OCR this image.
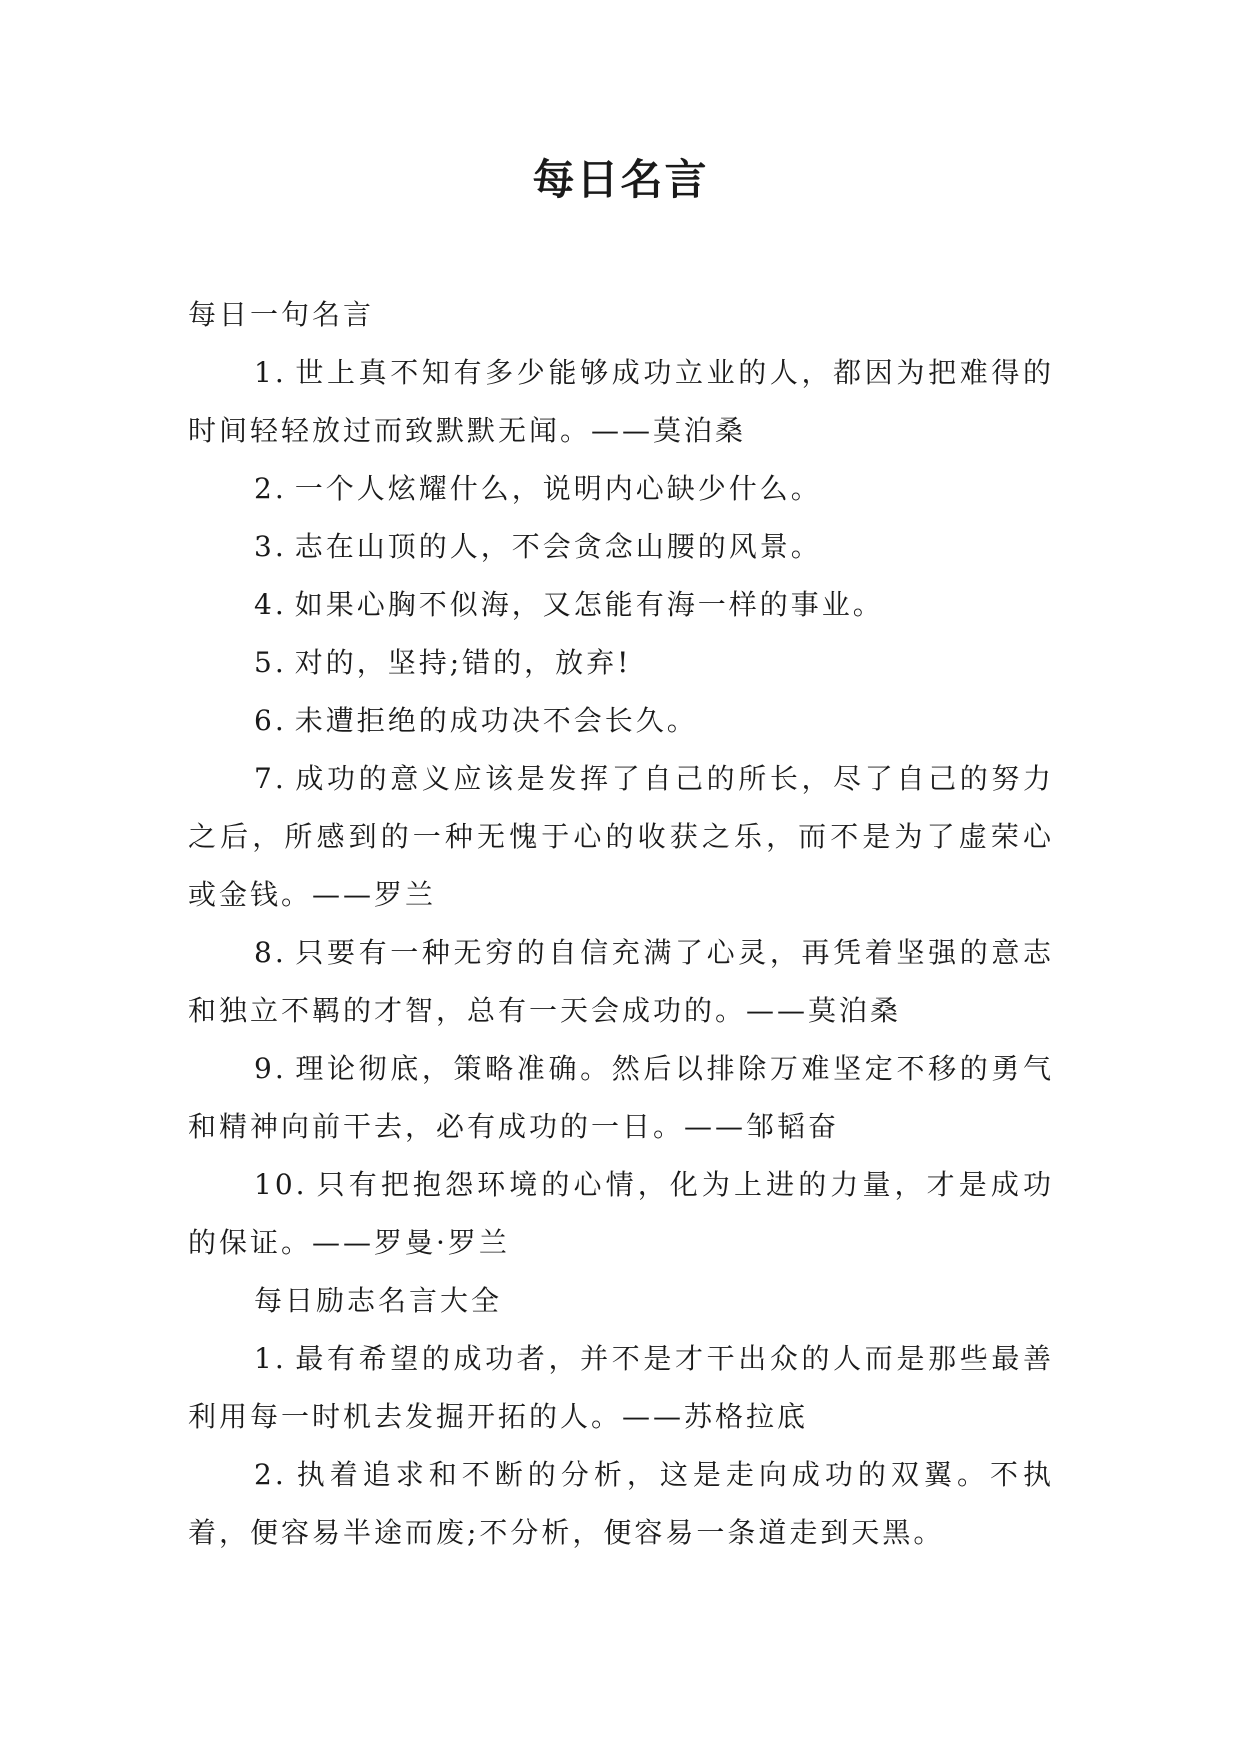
每日名言

每日一句名言

1. 世上真不知有多少能够成功立业的人，都因为把难得的时间轻轻放过而致默默无闻。——莫泊桑

2. 一个人炫耀什么，说明内心缺少什么。

3. 志在山顶的人，不会贪念山腰的风景。

4. 如果心胸不似海，又怎能有海一样的事业。

5. 对的，坚持;错的，放弃!

6. 未遭拒绝的成功决不会长久。

7. 成功的意义应该是发挥了自己的所长，尽了自己的努力之后，所感到的一种无愧于心的收获之乐，而不是为了虚荣心或金钱。——罗兰

8. 只要有一种无穷的自信充满了心灵，再凭着坚强的意志和独立不羁的才智，总有一天会成功的。——莫泊桑

9. 理论彻底，策略准确。然后以排除万难坚定不移的勇气和精神向前干去，必有成功的一日。——邹韬奋

10. 只有把抱怨环境的心情，化为上进的力量，才是成功的保证。——罗曼·罗兰

每日励志名言大全

1. 最有希望的成功者，并不是才干出众的人而是那些最善利用每一时机去发掘开拓的人。——苏格拉底

2. 执着追求和不断的分析，这是走向成功的双翼。不执着，便容易半途而废;不分析，便容易一条道走到天黑。
